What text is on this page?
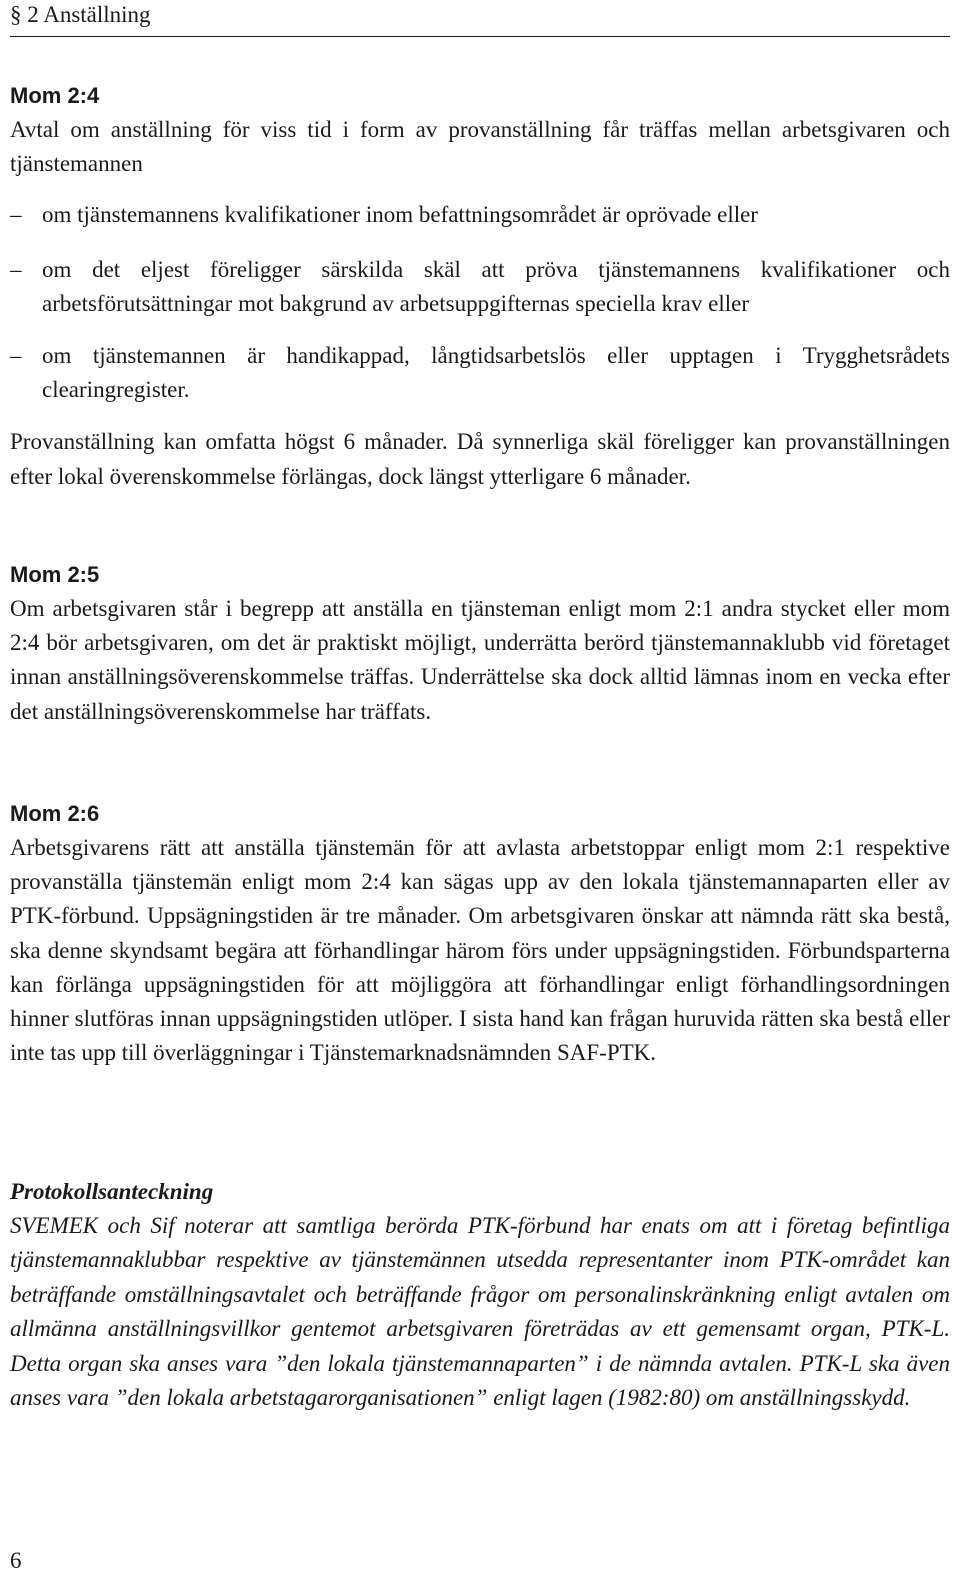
§ 2 Anställning
Mom 2:4

Avtal om anställning för viss tid i form av provanställning får träffas mellan arbetsgivaren och tjänstemannen

– om tjänstemannens kvalifikationer inom befattningsområdet är oprövade eller
– om det eljest föreligger särskilda skäl att pröva tjänstemannens kvalifikationer och arbetsförutsättningar mot bakgrund av arbetsuppgifternas speciella krav eller
– om tjänstemannen är handikappad, långtidsarbetslös eller upptagen i Trygghetsrådets clearingregister.

Provanställning kan omfatta högst 6 månader. Då synnerliga skäl föreligger kan provanställningen efter lokal överenskommelse förlängas, dock längst ytterligare 6 månader.

Mom 2:5

Om arbetsgivaren står i begrepp att anställa en tjänsteman enligt mom 2:1 andra stycket eller mom 2:4 bör arbetsgivaren, om det är praktiskt möjligt, underrätta berörd tjänstemannaklubb vid företaget innan anställningsöverenskommelse träffas. Underrättelse ska dock alltid lämnas inom en vecka efter det anställningsöverenskommelse har träffats.

Mom 2:6

Arbetsgivarens rätt att anställa tjänstemän för att avlasta arbetstoppar enligt mom 2:1 respektive provanställa tjänstemän enligt mom 2:4 kan sägas upp av den lokala tjänstemannaparten eller av PTK-förbund. Uppsägningstiden är tre månader. Om arbetsgivaren önskar att nämnda rätt ska bestå, ska denne skyndsamt begära att förhandlingar härom förs under uppsägningstiden. Förbundsparterna kan förlänga uppsägningstiden för att möjliggöra att förhandlingar enligt förhandlingsordningen hinner slutföras innan uppsägningstiden utlöper. I sista hand kan frågan huruvida rätten ska bestå eller inte tas upp till överläggningar i Tjänstemarknadsnämnden SAF-PTK.

Protokollsanteckning

SVEMEK och Sif noterar att samtliga berörda PTK-förbund har enats om att i företag befintliga tjänstemannaklubbar respektive av tjänstemännen utsedda representanter inom PTK-området kan beträffande omställningsavtalet och beträffande frågor om personalinskränkning enligt avtalen om allmänna anställningsvillkor gentemot arbetsgivaren företrädas av ett gemensamt organ, PTK-L. Detta organ ska anses vara ”den lokala tjänstemannaparten” i de nämnda avtalen. PTK-L ska även anses vara ”den lokala arbetstagarorganisationen” enligt lagen (1982:80) om anställningsskydd.

6
